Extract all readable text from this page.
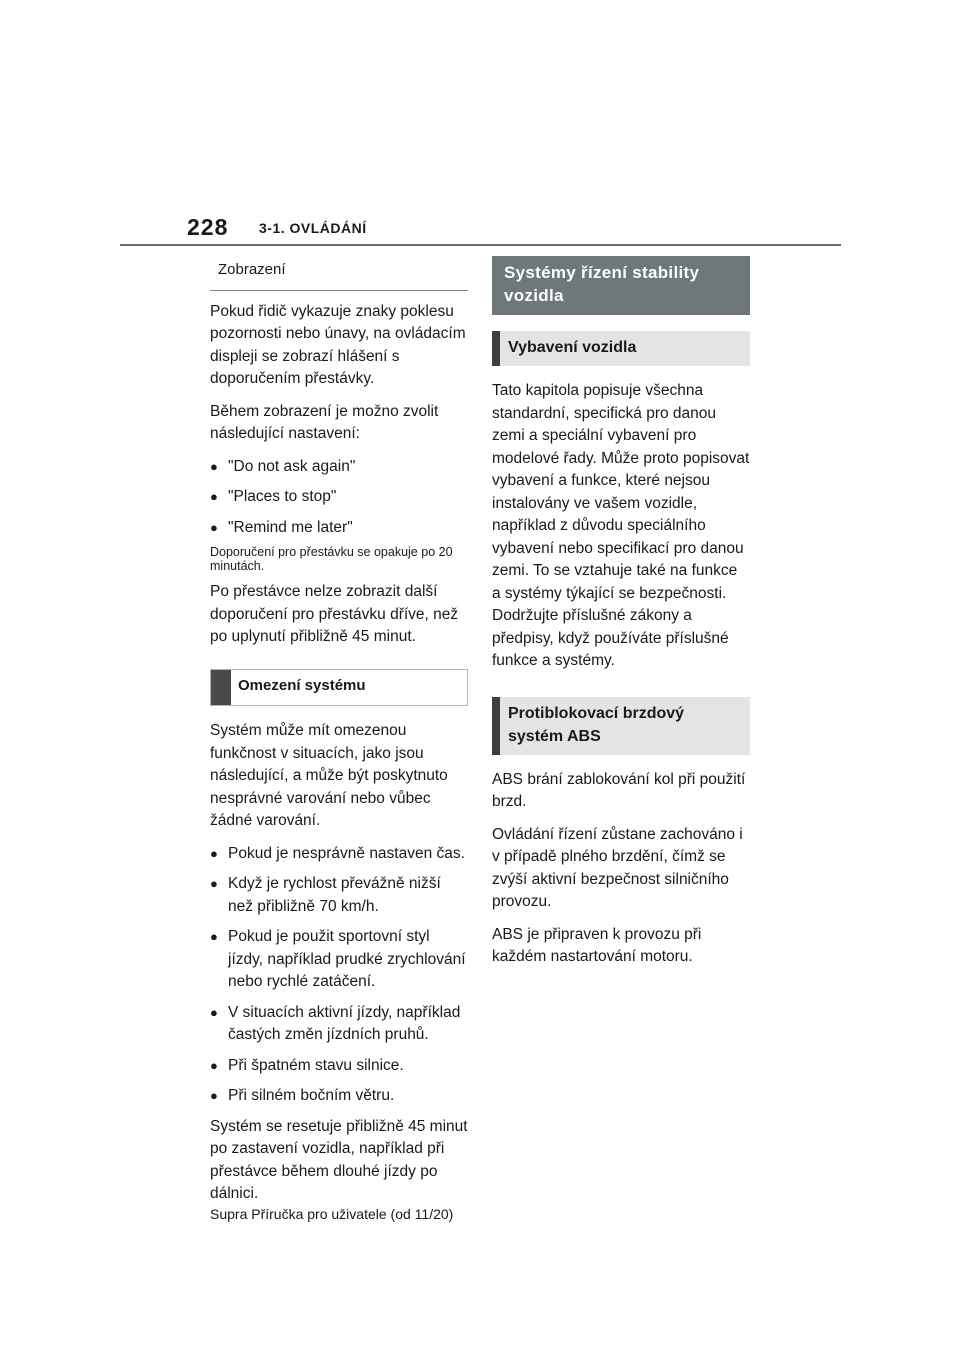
228 3-1. OVLÁDÁNÍ
Zobrazení

Pokud řidič vykazuje znaky poklesu pozornosti nebo únavy, na ovládacím displeji se zobrazí hlášení s doporučením přestávky.

Během zobrazení je možno zvolit následující nastavení:

● "Do not ask again"
● "Places to stop"
● "Remind me later"

Doporučení pro přestávku se opakuje po 20 minutách.

Po přestávce nelze zobrazit další doporučení pro přestávku dříve, než po uplynutí přibližně 45 minut.

Omezení systému

Systém může mít omezenou funkčnost v situacích, jako jsou následující, a může být poskytnuto nesprávné varování nebo vůbec žádné varování.

● Pokud je nesprávně nastaven čas.
● Když je rychlost převážně nižší než přibližně 70 km/h.
● Pokud je použit sportovní styl jízdy, například prudké zrychlování nebo rychlé zatáčení.
● V situacích aktivní jízdy, například častých změn jízdních pruhů.
● Při špatném stavu silnice.
● Při silném bočním větru.

Systém se resetuje přibližně 45 minut po zastavení vozidla, například při přestávce během dlouhé jízdy po dálnici.

Systémy řízení stability vozidla
Vybavení vozidla

Tato kapitola popisuje všechna standardní, specifická pro danou zemi a speciální vybavení pro modelové řady. Může proto popisovat vybavení a funkce, které nejsou instalovány ve vašem vozidle, například z důvodu speciálního vybavení nebo specifikací pro danou zemi. To se vztahuje také na funkce a systémy týkající se bezpečnosti. Dodržujte příslušné zákony a předpisy, když používáte příslušné funkce a systémy.

Protiblokovací brzdový systém ABS

ABS brání zablokování kol při použití brzd.

Ovládání řízení zůstane zachováno i v případě plného brzdění, čímž se zvýší aktivní bezpečnost silničního provozu.

ABS je připraven k provozu při každém nastartování motoru.

Supra Příručka pro uživatele (od 11/20)
